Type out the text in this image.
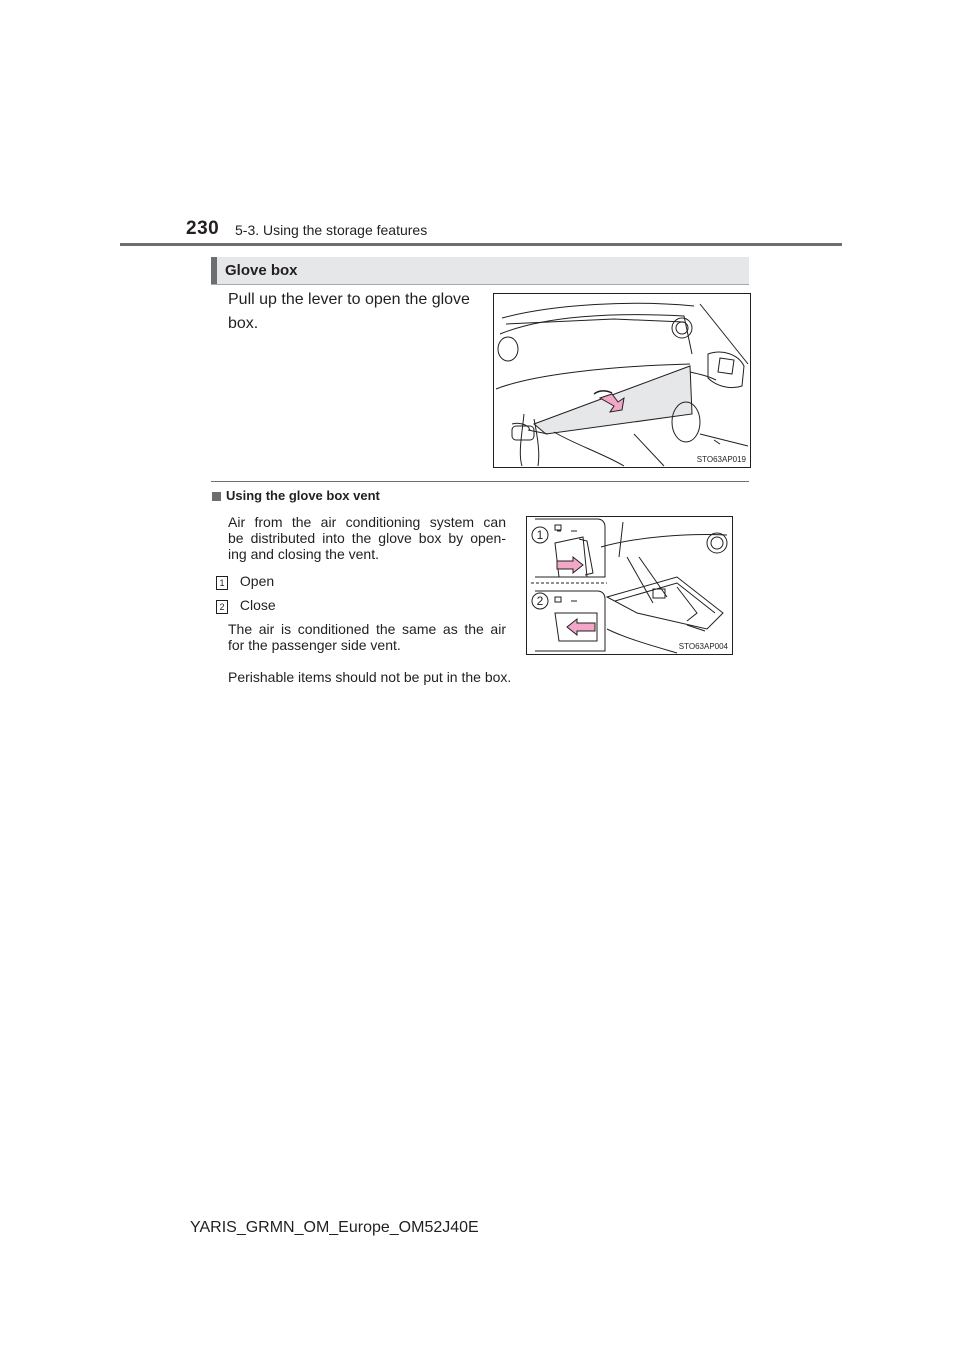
230 5-3. Using the storage features
Glove box
Pull up the lever to open the glove
box.
STO63AP019
Using the glove box vent
Air from the air conditioning system can
be distributed into the glove box by open-
ing and closing the vent.
1 Open
2 Close
The air is conditioned the same as the air
for the passenger side vent.
Perishable items should not be put in the box.
1
2
STO63AP004
YARIS_GRMN_OM_Europe_OM52J40E
